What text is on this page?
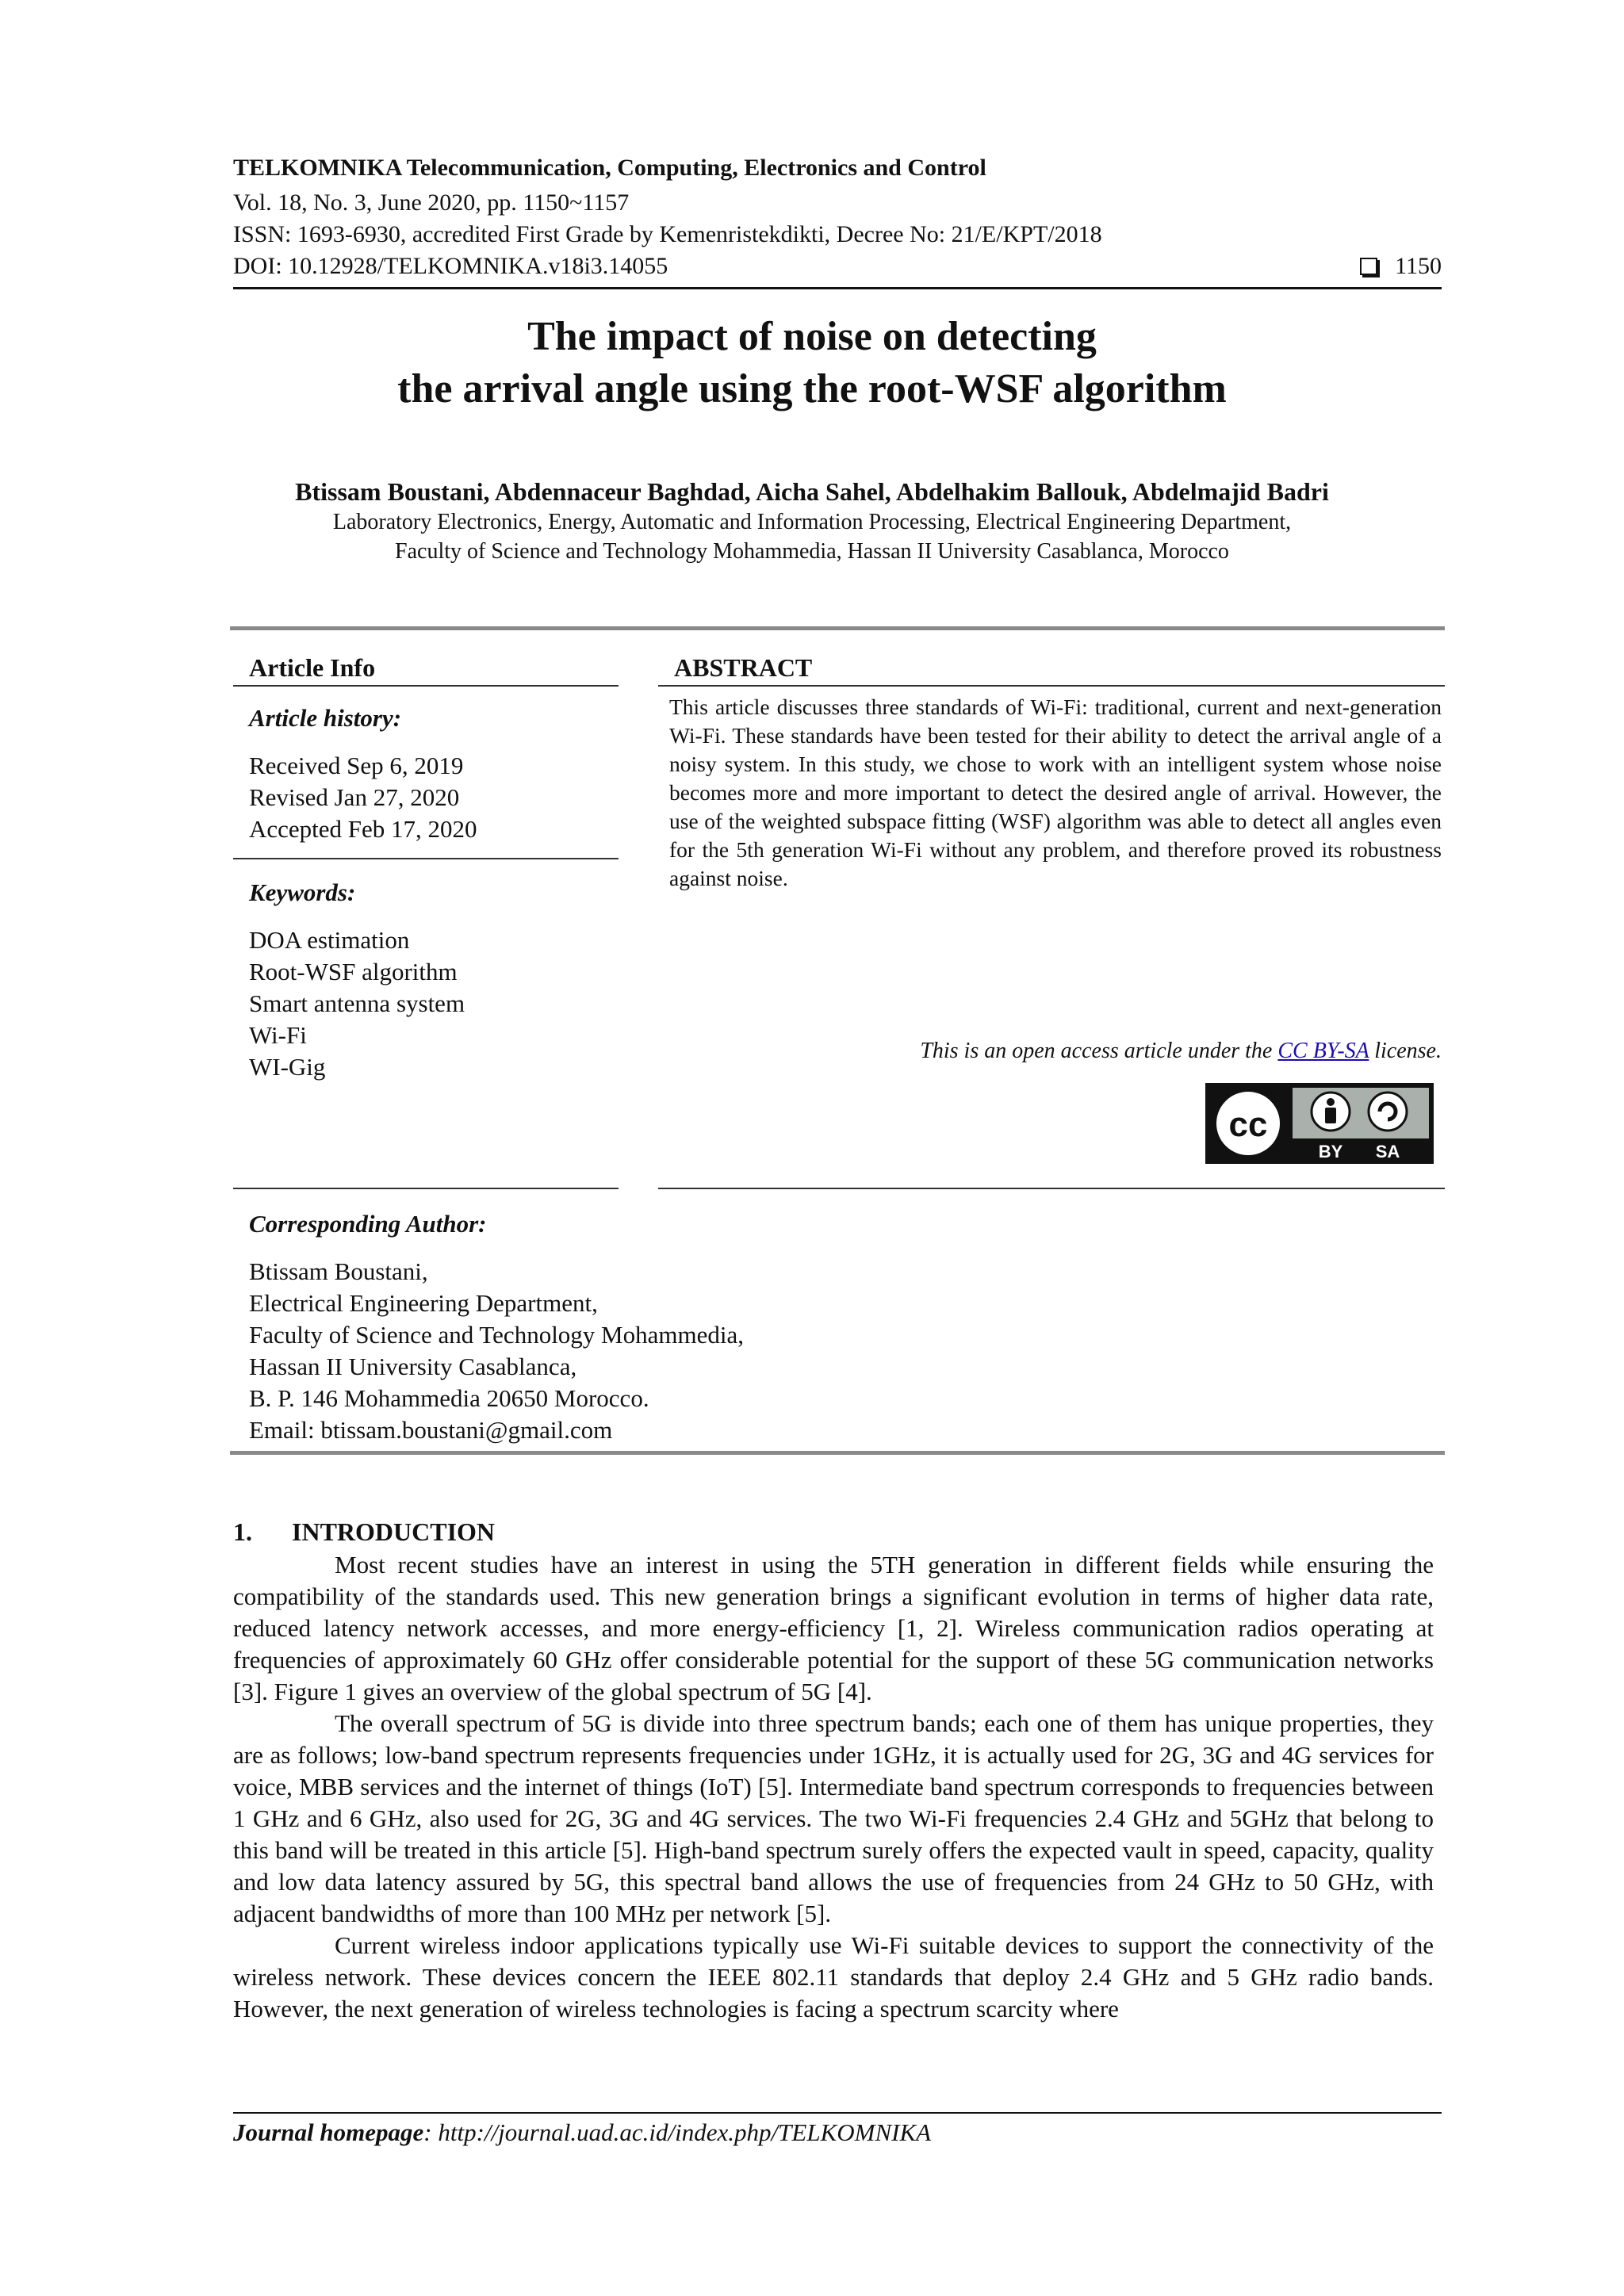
TELKOMNIKA Telecommunication, Computing, Electronics and Control
Vol. 18, No. 3, June 2020, pp. 1150~1157
ISSN: 1693-6930, accredited First Grade by Kemenristekdikti, Decree No: 21/E/KPT/2018
DOI: 10.12928/TELKOMNIKA.v18i3.14055	1150
The impact of noise on detecting
the arrival angle using the root-WSF algorithm
Btissam Boustani, Abdennaceur Baghdad, Aicha Sahel, Abdelhakim Ballouk, Abdelmajid Badri
Laboratory Electronics, Energy, Automatic and Information Processing, Electrical Engineering Department,
Faculty of Science and Technology Mohammedia, Hassan II University Casablanca, Morocco
Article Info
Article history:
Received Sep 6, 2019
Revised Jan 27, 2020
Accepted Feb 17, 2020
Keywords:
DOA estimation
Root-WSF algorithm
Smart antenna system
Wi-Fi
WI-Gig
ABSTRACT
This article discusses three standards of Wi-Fi: traditional, current and next-generation Wi-Fi. These standards have been tested for their ability to detect the arrival angle of a noisy system. In this study, we chose to work with an intelligent system whose noise becomes more and more important to detect the desired angle of arrival. However, the use of the weighted subspace fitting (WSF) algorithm was able to detect all angles even for the 5th generation Wi-Fi without any problem, and therefore proved its robustness against noise.
This is an open access article under the CC BY-SA license.
cc
BY SA
Corresponding Author:
Btissam Boustani,
Electrical Engineering Department,
Faculty of Science and Technology Mohammedia,
Hassan II University Casablanca,
B. P. 146 Mohammedia 20650 Morocco.
Email: btissam.boustani@gmail.com
1. INTRODUCTION

Most recent studies have an interest in using the 5TH generation in different fields while ensuring the compatibility of the standards used. This new generation brings a significant evolution in terms of higher data rate, reduced latency network accesses, and more energy-efficiency [1, 2]. Wireless communication radios operating at frequencies of approximately 60 GHz offer considerable potential for the support of these 5G communication networks [3]. Figure 1 gives an overview of the global spectrum of 5G [4].

The overall spectrum of 5G is divide into three spectrum bands; each one of them has unique properties, they are as follows; low-band spectrum represents frequencies under 1GHz, it is actually used for 2G, 3G and 4G services for voice, MBB services and the internet of things (IoT) [5]. Intermediate band spectrum corresponds to frequencies between 1 GHz and 6 GHz, also used for 2G, 3G and 4G services. The two Wi-Fi frequencies 2.4 GHz and 5GHz that belong to this band will be treated in this article [5]. High-band spectrum surely offers the expected vault in speed, capacity, quality and low data latency assured by 5G, this spectral band allows the use of frequencies from 24 GHz to 50 GHz, with adjacent bandwidths of more than 100 MHz per network [5].

Current wireless indoor applications typically use Wi-Fi suitable devices to support the connectivity of the wireless network. These devices concern the IEEE 802.11 standards that deploy 2.4 GHz and 5 GHz radio bands. However, the next generation of wireless technologies is facing a spectrum scarcity where

Journal homepage: http://journal.uad.ac.id/index.php/TELKOMNIKA
